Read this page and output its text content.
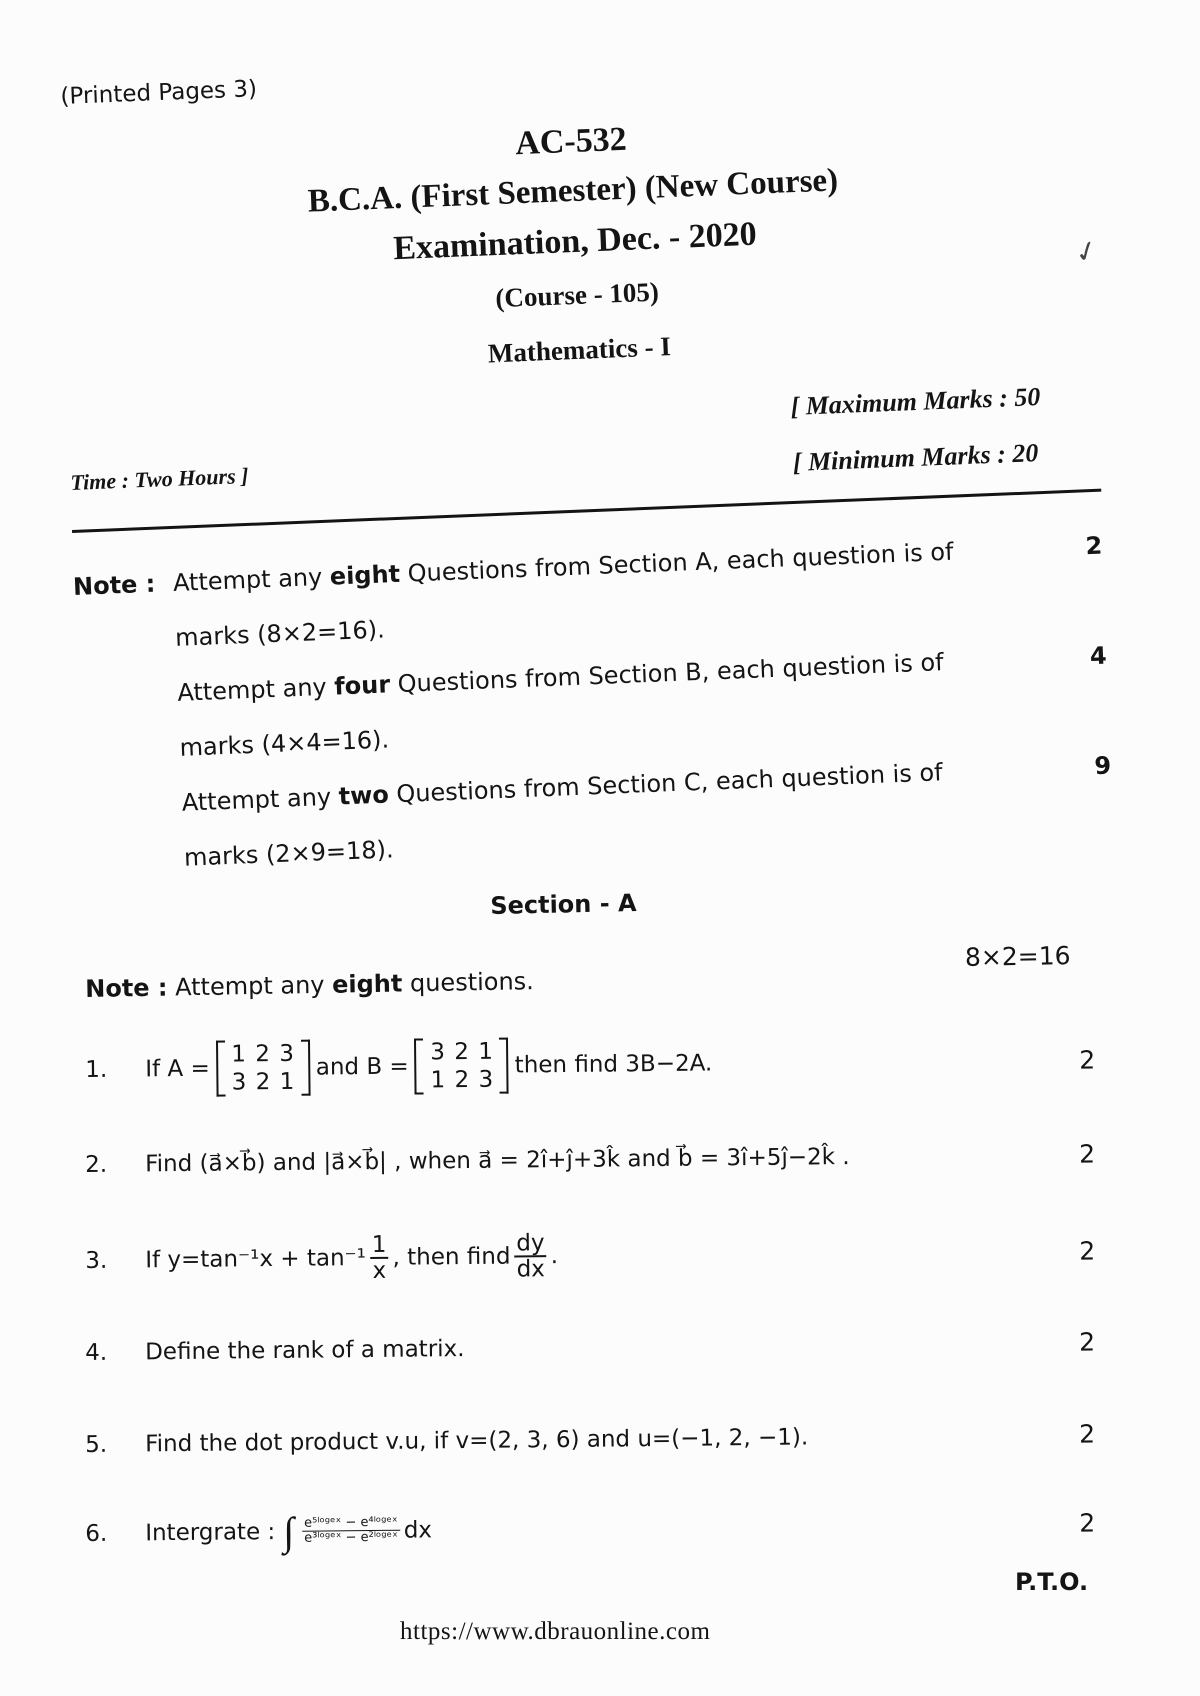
(Printed Pages 3)
✓
AC-532
B.C.A. (First Semester) (New Course)
Examination, Dec. - 2020
(Course - 105)
Mathematics - I
Time : Two Hours ]
[ Maximum Marks : 50
[ Minimum Marks : 20
Note : Attempt any eight Questions from Section A, each question is of	2
marks (8×2=16).
Attempt any four Questions from Section B, each question is of	4
marks (4×4=16).
Attempt any two Questions from Section C, each question is of	9
marks (2×9=18).
Section - A
8×2=16
Note : Attempt any eight questions.
1.	If A =
1 2 3
3 2 1
and B =
3 2 1
1 2 3
then find 3B−2A.	2
2.	Find (a⃗×b⃗) and |a⃗×b⃗| , when a⃗ = 2î+ĵ+3k̂ and b⃗ = 3î+5ĵ−2k̂ .	2
3.	If $y=\tan^{-1}x + \tan^{-1} \frac{1}{x}$ , then find $\frac{dy}{dx}$ .	2
4.	Define the rank of a matrix.	2
5.	Find the dot product v.u, if v=(2, 3, 6) and u=(−1, 2, −1).	2
6.	Intergrate : ∫ $\frac{\text{e⁵ˡᵒᵍᵉˣ − e⁴ˡᵒᵍᵉˣ}}{\text{e³ˡᵒᵍᵉˣ − e²ˡᵒᵍᵉˣ}}$ dx	2
P.T.O.
https://www.dbrauonline.com
